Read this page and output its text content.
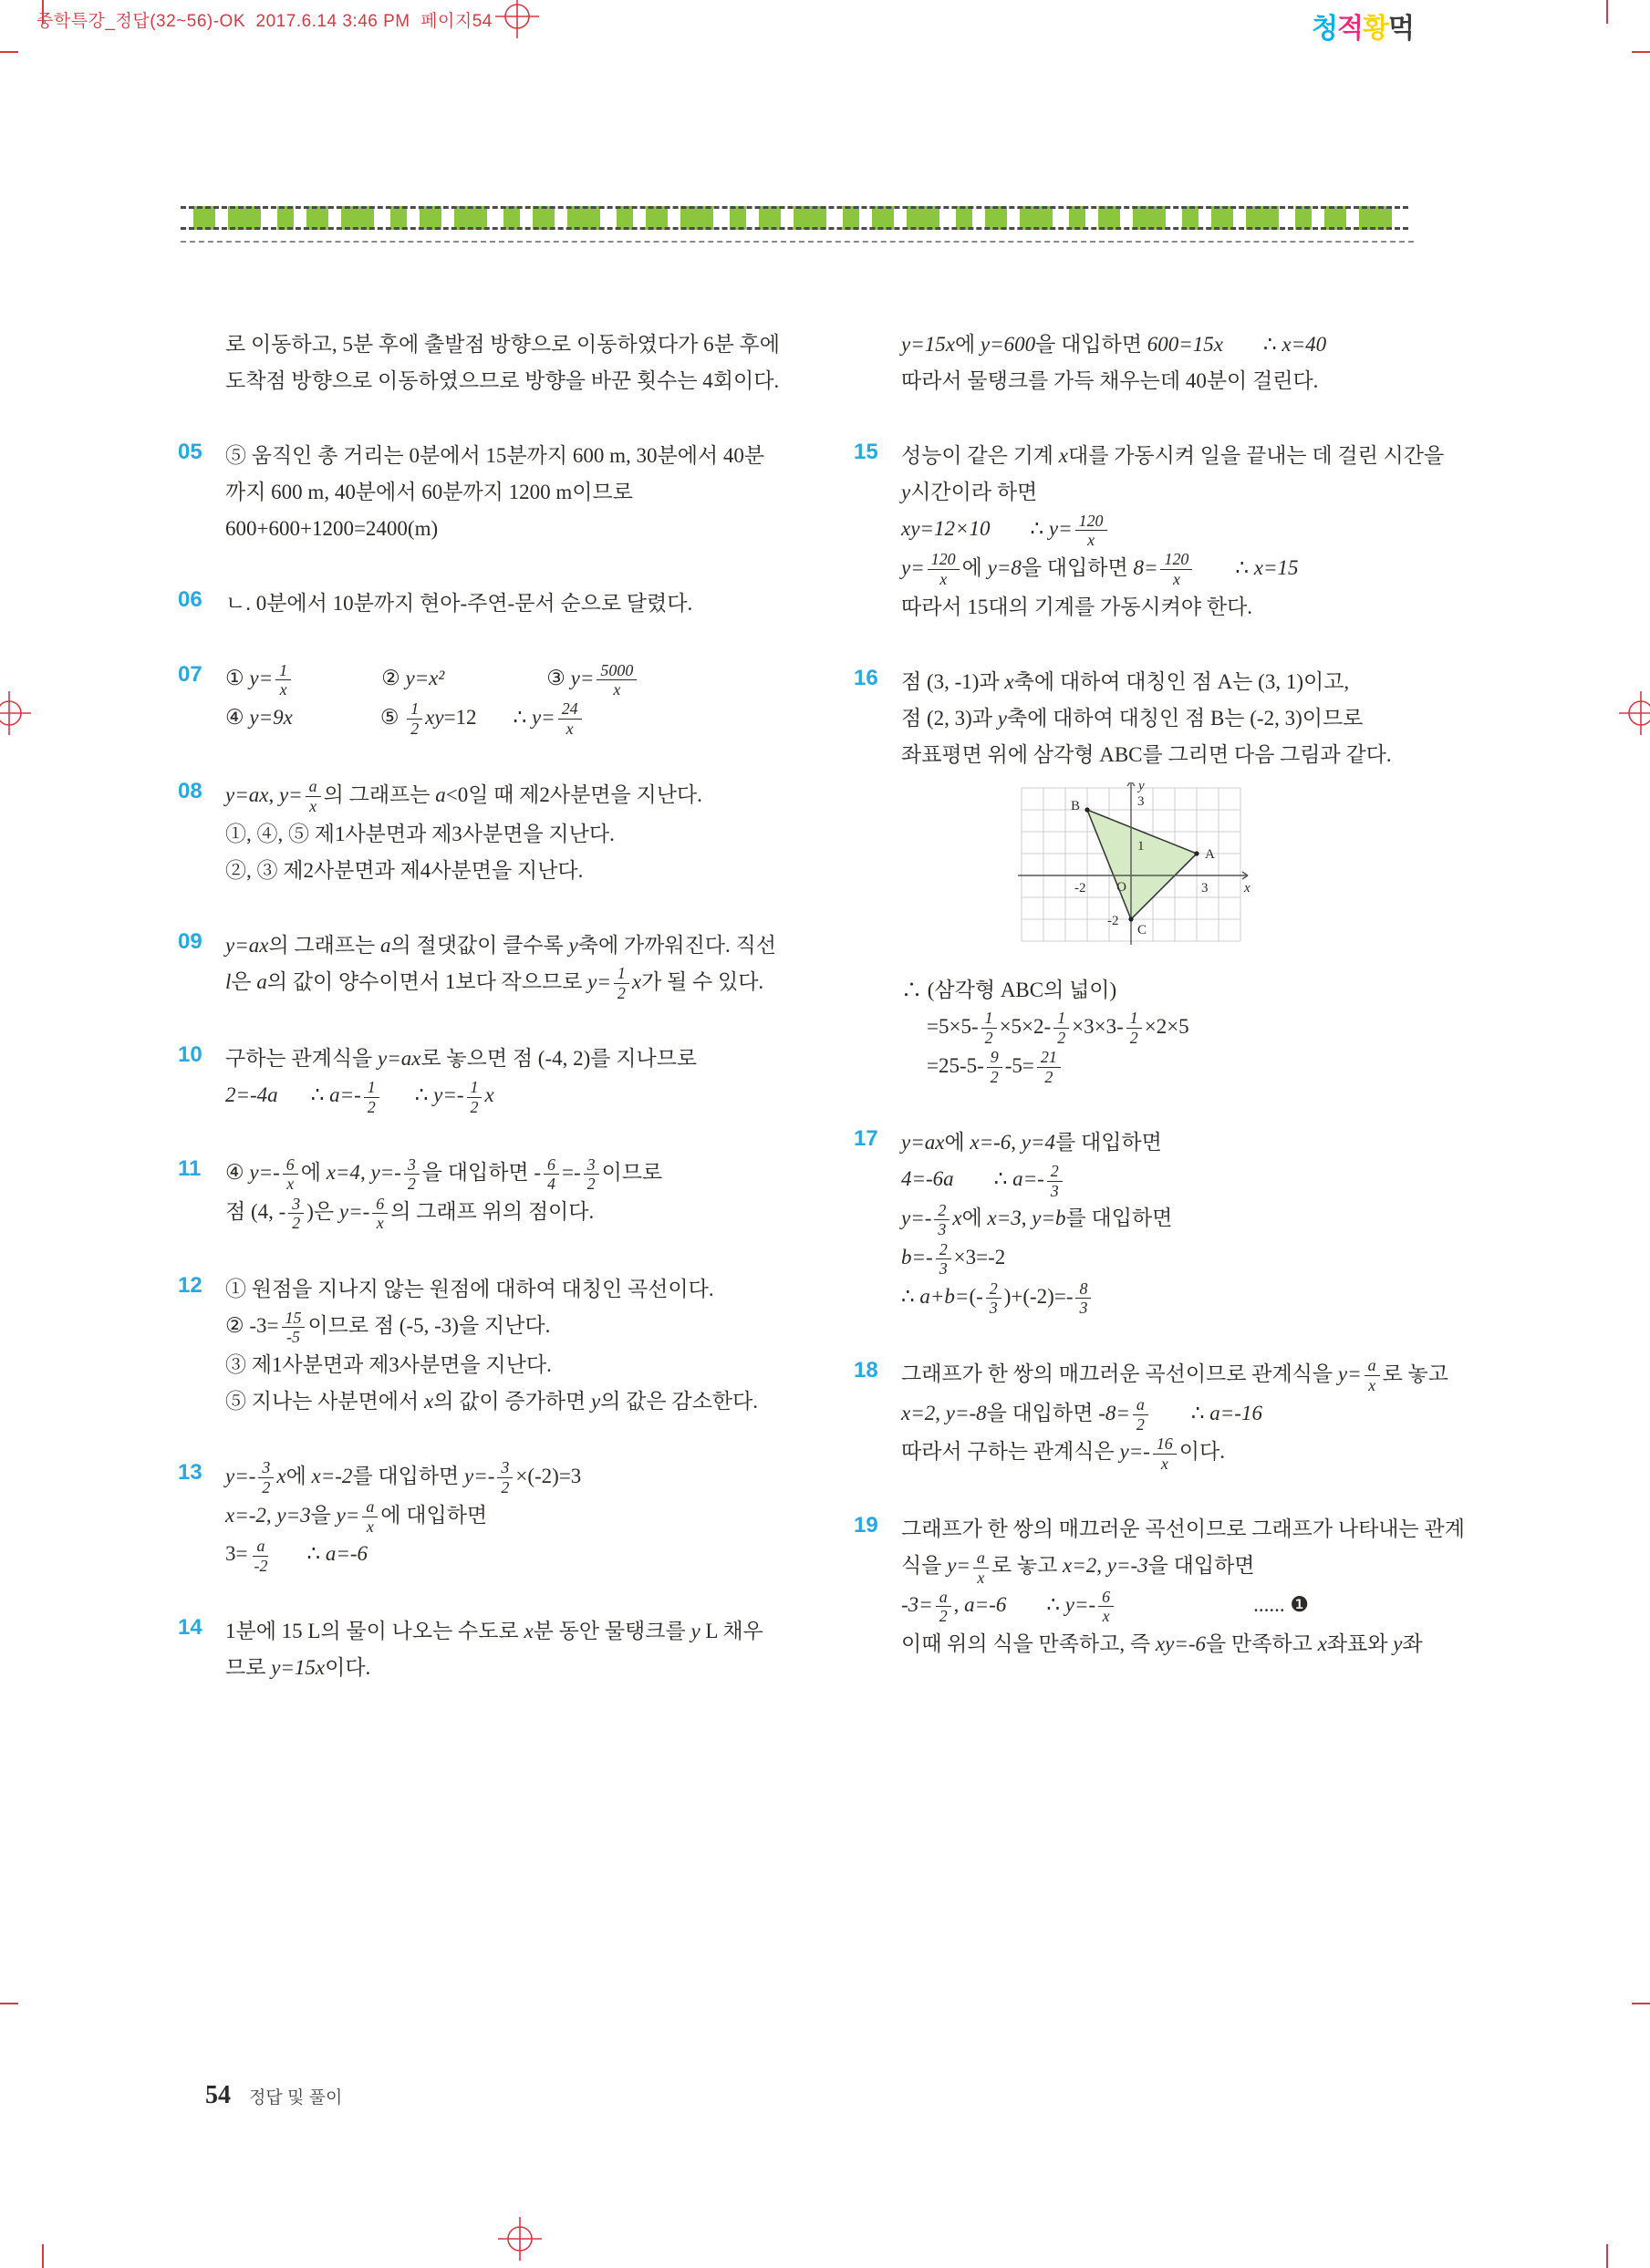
중학특강_정답(32~56)-OK  2017.6.14 3:46 PM  페이지54	청적황먹
로 이동하고, 5분 후에 출발점 방향으로 이동하였다가 6분 후에
도착점 방향으로 이동하였으므로 방향을 바꾼 횟수는 4회이다.
05 ⑤ 움직인 총 거리는 0분에서 15분까지 600 m, 30분에서 40분
까지 600 m, 40분에서 60분까지 1200 m이므로
600+600+1200=2400(m)
06 ㄴ. 0분에서 10분까지 현아-주연-문서 순으로 달렸다.
07 ① $y= \frac{1}{x}$	② y=x²	③ $y= \frac{5000}{x}$
④ y=9x	⑤ $\frac{1}{2} xy=12$ ∴ $y= \frac{24}{x}$
08 y=ax, $y= \frac{a}{x}$ 의 그래프는 a<0일 때 제2사분면을 지난다.
①, ④, ⑤ 제1사분면과 제3사분면을 지난다.
②, ③ 제2사분면과 제4사분면을 지난다.
09 y=ax의 그래프는 a의 절댓값이 클수록 y축에 가까워진다. 직선
l은 a의 값이 양수이면서 1보다 작으므로 $y= \frac{1}{2}$ x가 될 수 있다.
10 구하는 관계식을 y=ax로 놓으면 점 (-4, 2)를 지나므로
2=-4a ∴ $a=- \frac{1}{2}$ ∴ $y=- \frac{1}{2}$ x
11 ④ $y=- \frac{6}{x}$ 에 x=4, $y=- \frac{3}{2}$ 을 대입하면 - $\frac{6}{4} =- \frac{3}{2}$ 이므로
점 (4, - $\frac{3}{2}$ )은 $y=- \frac{6}{x}$ 의 그래프 위의 점이다.
12 ① 원점을 지나지 않는 원점에 대하여 대칭인 곡선이다.
② $-3= \frac{15}{-5}$ 이므로 점 (-5, -3)을 지난다.
③ 제1사분면과 제3사분면을 지난다.
⑤ 지나는 사분면에서 x의 값이 증가하면 y의 값은 감소한다.
13 $y=- \frac{3}{2}$ x에 x=-2를 대입하면 $y=- \frac{3}{2} \times(-2)=3$
x=-2, y=3을 $y= \frac{a}{x}$ 에 대입하면
$3= \frac{a}{-2}$ ∴ a=-6
14 1분에 15 L의 물이 나오는 수도로 x분 동안 물탱크를 y L 채우
므로 y=15x이다.
y=15x에 y=600을 대입하면 600=15x ∴ x=40
따라서 물탱크를 가득 채우는데 40분이 걸린다.
15 성능이 같은 기계 x대를 가동시켜 일을 끝내는 데 걸린 시간을
y시간이라 하면
xy=12×10 ∴ $y= \frac{120}{x}$
$y= \frac{120}{x}$ 에 y=8을 대입하면 $8= \frac{120}{x}$ ∴ x=15
따라서 15대의 기계를 가동시켜야 한다.
16 점 (3, -1)과 x축에 대하여 대칭인 점 A는 (3, 1)이고,
점 (2, 3)과 y축에 대하여 대칭인 점 B는 (-2, 3)이므로
좌표평면 위에 삼각형 ABC를 그리면 다음 그림과 같다.
x
y
O
3
1
-2	3
-2
A
B
C
∴ (삼각형 ABC의 넓이)
$=5\times 5- \frac{1}{2} \times 5\times 2- \frac{1}{2} \times 3\times 3- \frac{1}{2} \times 2\times 5$
$=25-5- \frac{9}{2} -5= \frac{21}{2}$
17 y=ax에 x=-6, y=4를 대입하면
4=-6a ∴ $a=- \frac{2}{3}$
$y=- \frac{2}{3}$ x에 x=3, y=b를 대입하면
$b=- \frac{2}{3} \times 3=-2$
∴ $a+b=(- \frac{2}{3} )+(-2)=- \frac{8}{3}$
18 그래프가 한 쌍의 매끄러운 곡선이므로 관계식을 $y= \frac{a}{x}$ 로 놓고
x=2, y=-8을 대입하면 $-8= \frac{a}{2}$ ∴ a=-16
따라서 구하는 관계식은 $y=- \frac{16}{x}$ 이다.
19 그래프가 한 쌍의 매끄러운 곡선이므로 그래프가 나타내는 관계
식을 $y= \frac{a}{x}$ 로 놓고 x=2, y=-3을 대입하면
$-3= \frac{a}{2}$ , a=-6 ∴ $y=- \frac{6}{x}$	...... ❶
이때 위의 식을 만족하고, 즉 xy=-6을 만족하고 x좌표와 y좌
54 정답 및 풀이
